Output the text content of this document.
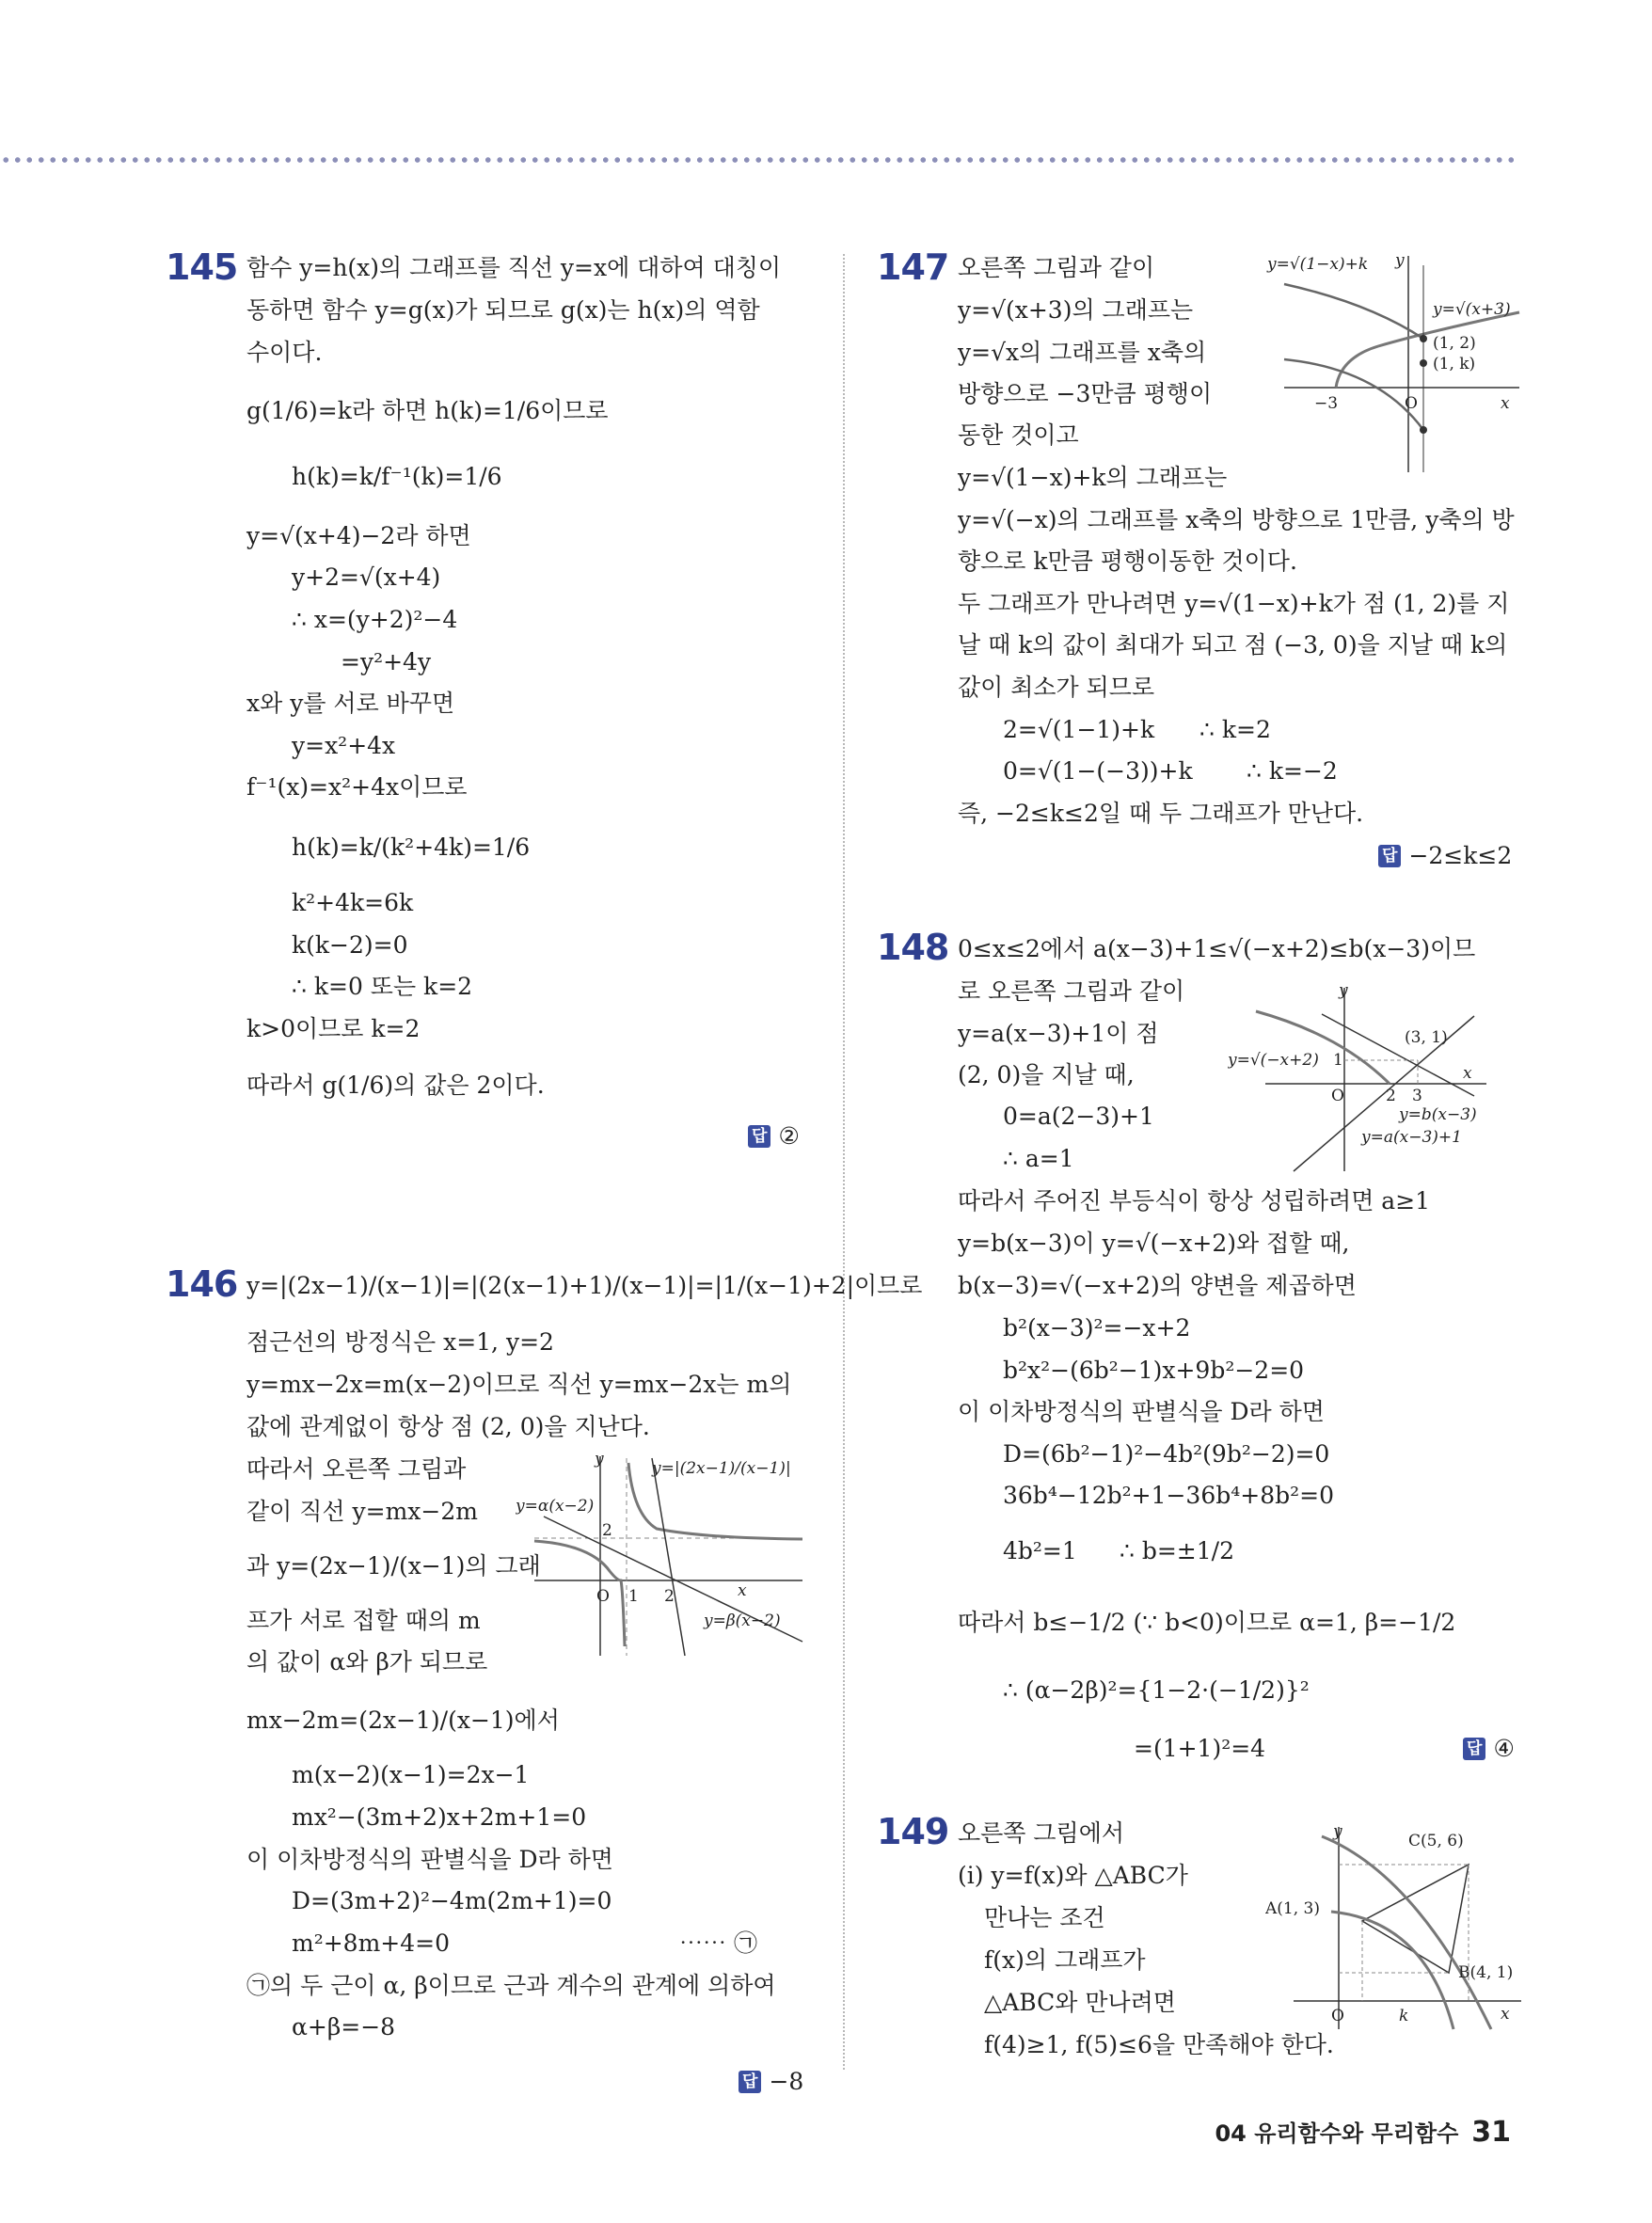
145 함수 y=h(x)의 그래프를 직선 y=x에 대하여 대칭이
동하면 함수 y=g(x)가 되므로 g(x)는 h(x)의 역함
수이다.
g(1/6)=k라 하면 h(k)=1/6이므로
h(k)=k/f⁻¹(k)=1/6
y=√(x+4)−2라 하면
y+2=√(x+4)
∴ x=(y+2)²−4
=y²+4y
x와 y를 서로 바꾸면
y=x²+4x
f⁻¹(x)=x²+4x이므로
h(k)=k/(k²+4k)=1/6
k²+4k=6k
k(k−2)=0
∴ k=0 또는 k=2
k>0이므로 k=2
따라서 g(1/6)의 값은 2이다.
답 ②
146 y=|(2x−1)/(x−1)|=|(2(x−1)+1)/(x−1)|=|1/(x−1)+2|이므로
점근선의 방정식은 x=1, y=2
y=mx−2x=m(x−2)이므로 직선 y=mx−2x는 m의
값에 관계없이 항상 점 (2, 0)을 지난다.
따라서 오른쪽 그림과
같이 직선 y=mx−2m
과 y=(2x−1)/(x−1)의 그래
프가 서로 접할 때의 m
의 값이 α와 β가 되므로
mx−2m=(2x−1)/(x−1)에서
m(x−2)(x−1)=2x−1
mx²−(3m+2)x+2m+1=0
이 이차방정식의 판별식을 D라 하면
D=(3m+2)²−4m(2m+1)=0
m²+8m+4=0	⋯⋯ ㉠
㉠의 두 근이 α, β이므로 근과 계수의 관계에 의하여
α+β=−8
답 −8
y	y=|(2x−1)/(x−1)|
y=α(x−2)
2
O 1 2	x
y=β(x−2)
147 오른쪽 그림과 같이
y=√(x+3)의 그래프는
y=√x의 그래프를 x축의
방향으로 −3만큼 평행이
동한 것이고
y=√(1−x)+k의 그래프는
y=√(−x)의 그래프를 x축의 방향으로 1만큼, y축의 방
향으로 k만큼 평행이동한 것이다.
두 그래프가 만나려면 y=√(1−x)+k가 점 (1, 2)를 지
날 때 k의 값이 최대가 되고 점 (−3, 0)을 지날 때 k의
값이 최소가 되므로
2=√(1−1)+k ∴ k=2
0=√(1−(−3))+k ∴ k=−2
즉, −2≤k≤2일 때 두 그래프가 만난다.
답 −2≤k≤2
y=√(1−x)+k y
y=√(x+3)
(1, 2)
(1, k)
−3	O	x
148 0≤x≤2에서 a(x−3)+1≤√(−x+2)≤b(x−3)이므
로 오른쪽 그림과 같이
y=a(x−3)+1이 점
(2, 0)을 지날 때,
0=a(2−3)+1
∴ a=1
따라서 주어진 부등식이 항상 성립하려면 a≥1
y=b(x−3)이 y=√(−x+2)와 접할 때,
b(x−3)=√(−x+2)의 양변을 제곱하면
b²(x−3)²=−x+2
b²x²−(6b²−1)x+9b²−2=0
이 이차방정식의 판별식을 D라 하면
D=(6b²−1)²−4b²(9b²−2)=0
36b⁴−12b²+1−36b⁴+8b²=0
4b²=1 ∴ b=±1/2
따라서 b≤−1/2 (∵ b<0)이므로 α=1, β=−1/2
∴ (α−2β)²={1−2·(−1/2)}²
=(1+1)²=4	답 ④
y
(3, 1)
y=√(−x+2) 1
O	2 3
x
y=b(x−3)
y=a(x−3)+1
149 오른쪽 그림에서
(i) y=f(x)와 △ABC가
만나는 조건
f(x)의 그래프가
△ABC와 만나려면
f(4)≥1, f(5)≤6을 만족해야 한다.
y	C(5, 6)
A(1, 3)
B(4, 1)
O	k	x
04 유리함수와 무리함수 31
